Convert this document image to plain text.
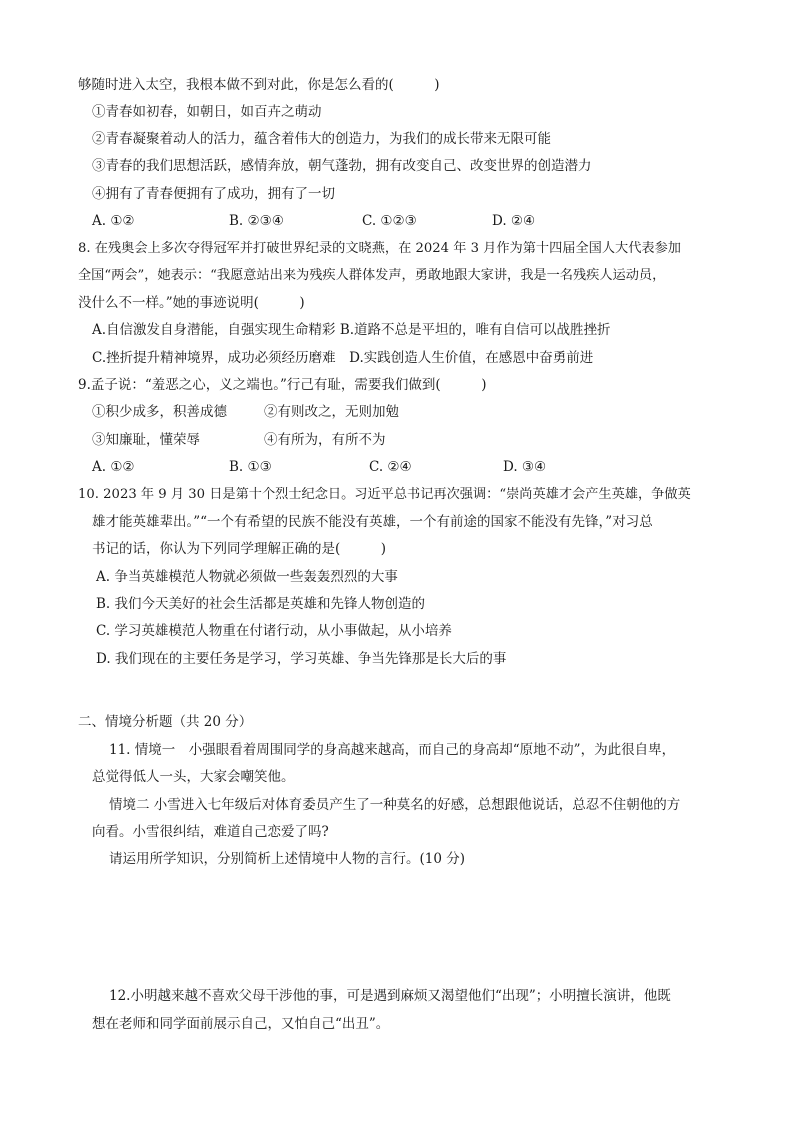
够随时进入太空，我根本做不到对此，你是怎么看的(　　　)
①青春如初春，如朝日，如百卉之萌动
②青春凝聚着动人的活力，蕴含着伟大的创造力，为我们的成长带来无限可能
③青春的我们思想活跃，感情奔放，朝气蓬勃，拥有改变自己、改变世界的创造潜力
④拥有了青春便拥有了成功，拥有了一切
A. ①②	B. ②③④	C. ①②③	D. ②④
8. 在残奥会上多次夺得冠军并打破世界纪录的文晓燕，在 2024 年 3 月作为第十四届全国人大代表参加
全国“两会”，她表示：“我愿意站出来为残疾人群体发声，勇敢地跟大家讲，我是一名残疾人运动员，
没什么不一样。”她的事迹说明(　　　)
A.自信激发自身潜能，自强实现生命精彩 B.道路不总是平坦的，唯有自信可以战胜挫折
C.挫折提升精神境界，成功必须经历磨难　D.实践创造人生价值，在感恩中奋勇前进
9.孟子说：“羞恶之心，义之端也。”行己有耻，需要我们做到(　　　)
①积少成多，积善成德	②有则改之，无则加勉
③知廉耻，懂荣辱	④有所为，有所不为
A. ①②	B. ①③	C. ②④	D. ③④
10. 2023 年 9 月 30 日是第十个烈士纪念日。习近平总书记再次强调：“崇尚英雄才会产生英雄，争做英
雄才能英雄辈出。”“一个有希望的民族不能没有英雄，一个有前途的国家不能没有先锋，”对习总
书记的话，你认为下列同学理解正确的是(　　　)
A. 争当英雄模范人物就必须做一些轰轰烈烈的大事
B. 我们今天美好的社会生活都是英雄和先锋人物创造的
C. 学习英雄模范人物重在付诸行动，从小事做起，从小培养
D. 我们现在的主要任务是学习，学习英雄、争当先锋那是长大后的事
二、情境分析题（共 20 分）
11. 情境一　小强眼看着周围同学的身高越来越高，而自己的身高却“原地不动”，为此很自卑，
总觉得低人一头，大家会嘲笑他。
情境二 小雪进入七年级后对体育委员产生了一种莫名的好感，总想跟他说话，总忍不住朝他的方
向看。小雪很纠结，难道自己恋爱了吗?
请运用所学知识，分别简析上述情境中人物的言行。(10 分)
12.小明越来越不喜欢父母干涉他的事，可是遇到麻烦又渴望他们“出现”；小明擅长演讲，他既
想在老师和同学面前展示自己，又怕自己“出丑”。
